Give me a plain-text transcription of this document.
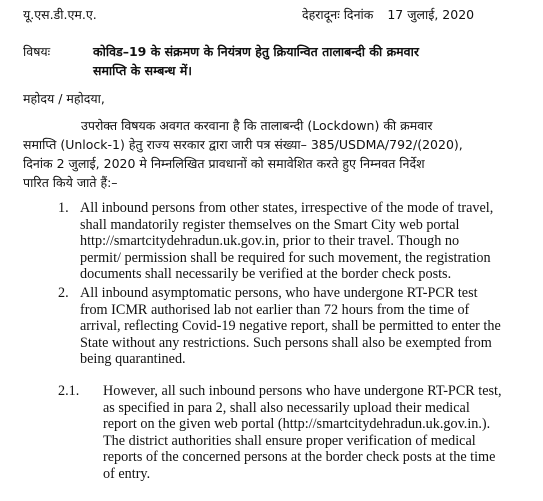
यू.एस.डी.एम.ए.	देहरादूनः दिनांक 17 जुलाई, 2020
विषयः	कोविड–19 के संक्रमण के नियंत्रण हेतु क्रियान्वित तालाबन्दी की क्रमवार
समाप्ति के सम्बन्ध में।
महोदय / महोदया,
उपरोक्त विषयक अवगत करवाना है कि तालाबन्दी (Lockdown) की क्रमवार
समाप्ति (Unlock-1) हेतु राज्य सरकार द्वारा जारी पत्र संख्या– 385/USDMA/792/(2020),
दिनांक 2 जुलाई, 2020 मे निम्नलिखित प्रावधानों को समावेशित करते हुए निम्नवत निर्देश
पारित किये जाते हैं:–
1. All inbound persons from other states, irrespective of the mode of travel,
shall mandatorily register themselves on the Smart City web portal
http://smartcitydehradun.uk.gov.in, prior to their travel. Though no
permit/ permission shall be required for such movement, the registration
documents shall necessarily be verified at the border check posts.
2. All inbound asymptomatic persons, who have undergone RT-PCR test
from ICMR authorised lab not earlier than 72 hours from the time of
arrival, reflecting Covid-19 negative report, shall be permitted to enter the
State without any restrictions. Such persons shall also be exempted from
being quarantined.
2.1. However, all such inbound persons who have undergone RT-PCR test,
as specified in para 2, shall also necessarily upload their medical
report on the given web portal (http://smartcitydehradun.uk.gov.in.).
The district authorities shall ensure proper verification of medical
reports of the concerned persons at the border check posts at the time
of entry.
